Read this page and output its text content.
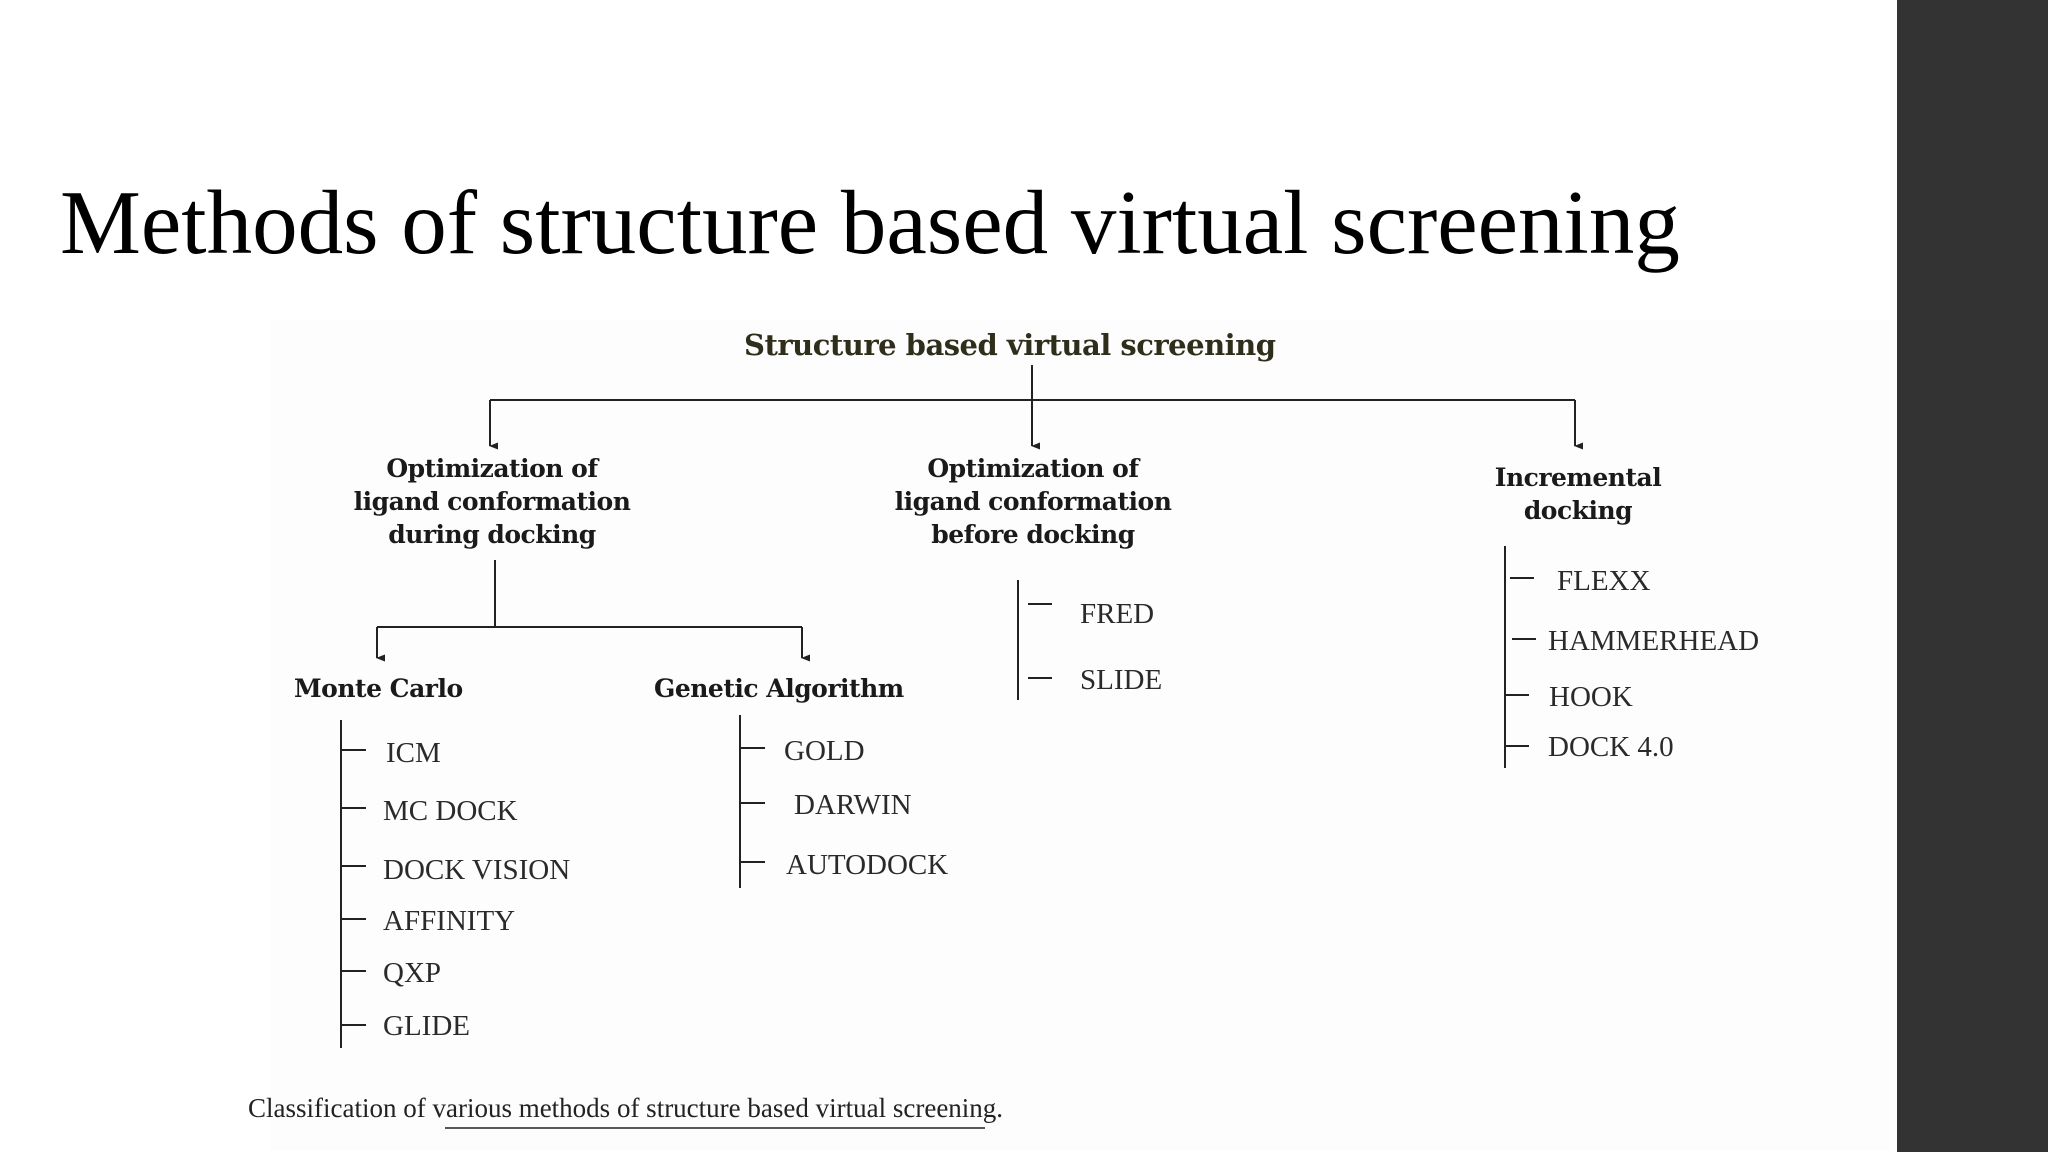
Methods of structure based virtual screening
Structure based virtual screening
Optimization of
ligand conformation
during docking
Optimization of
ligand conformation
before docking
Incremental
docking
Monte Carlo	Genetic Algorithm
ICM
MC DOCK
DOCK VISION
AFFINITY
QXP
GLIDE
GOLD
DARWIN
AUTODOCK
FRED
SLIDE
FLEXX
HAMMERHEAD
HOOK
DOCK 4.0
Classification of various methods of structure based virtual screening.
